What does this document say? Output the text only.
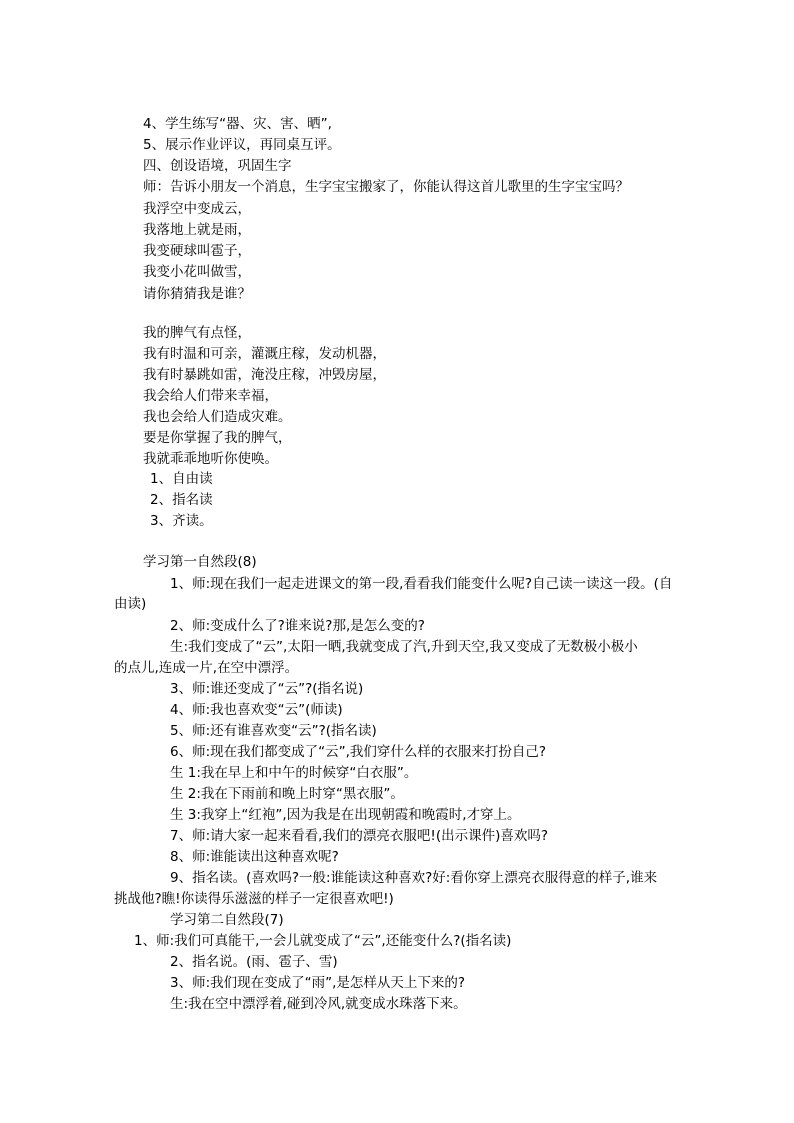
4、学生练写“器、灾、害、晒”,
5、展示作业评议，再同桌互评。
四、创设语境，巩固生字
师：告诉小朋友一个消息，生字宝宝搬家了，你能认得这首儿歌里的生字宝宝吗？
我浮空中变成云，
我落地上就是雨，
我变硬球叫雹子，
我变小花叫做雪，
请你猜猜我是谁？
我的脾气有点怪，
我有时温和可亲，灌溉庄稼，发动机器，
我有时暴跳如雷，淹没庄稼，冲毁房屋，
我会给人们带来幸福，
我也会给人们造成灾难。
要是你掌握了我的脾气，
我就乖乖地听你使唤。
1、自由读
2、指名读
3、齐读。
学习第一自然段(8)
1、师:现在我们一起走进课文的第一段,看看我们能变什么呢?自己读一读这一段。(自
由读)
2、师:变成什么了?谁来说?那,是怎么变的?
生:我们变成了“云”,太阳一晒,我就变成了汽,升到天空,我又变成了无数极小极小
的点儿,连成一片,在空中漂浮。
3、师:谁还变成了“云”?(指名说)
4、师:我也喜欢变“云”(师读)
5、师:还有谁喜欢变“云”?(指名读)
6、师:现在我们都变成了“云”,我们穿什么样的衣服来打扮自己?
生 1:我在早上和中午的时候穿“白衣服”。
生 2:我在下雨前和晚上时穿“黑衣服”。
生 3:我穿上“红袍”,因为我是在出现朝霞和晚霞时,才穿上。
7、师:请大家一起来看看,我们的漂亮衣服吧!(出示课件)喜欢吗?
8、师:谁能读出这种喜欢呢?
9、指名读。(喜欢吗?一般:谁能读这种喜欢?好:看你穿上漂亮衣服得意的样子,谁来
挑战他?瞧!你读得乐滋滋的样子一定很喜欢吧!)
学习第二自然段(7)
1、师:我们可真能干,一会儿就变成了“云”,还能变什么?(指名读)
2、指名说。(雨、雹子、雪)
3、师:我们现在变成了“雨”,是怎样从天上下来的?
生:我在空中漂浮着,碰到冷风,就变成水珠落下来。
